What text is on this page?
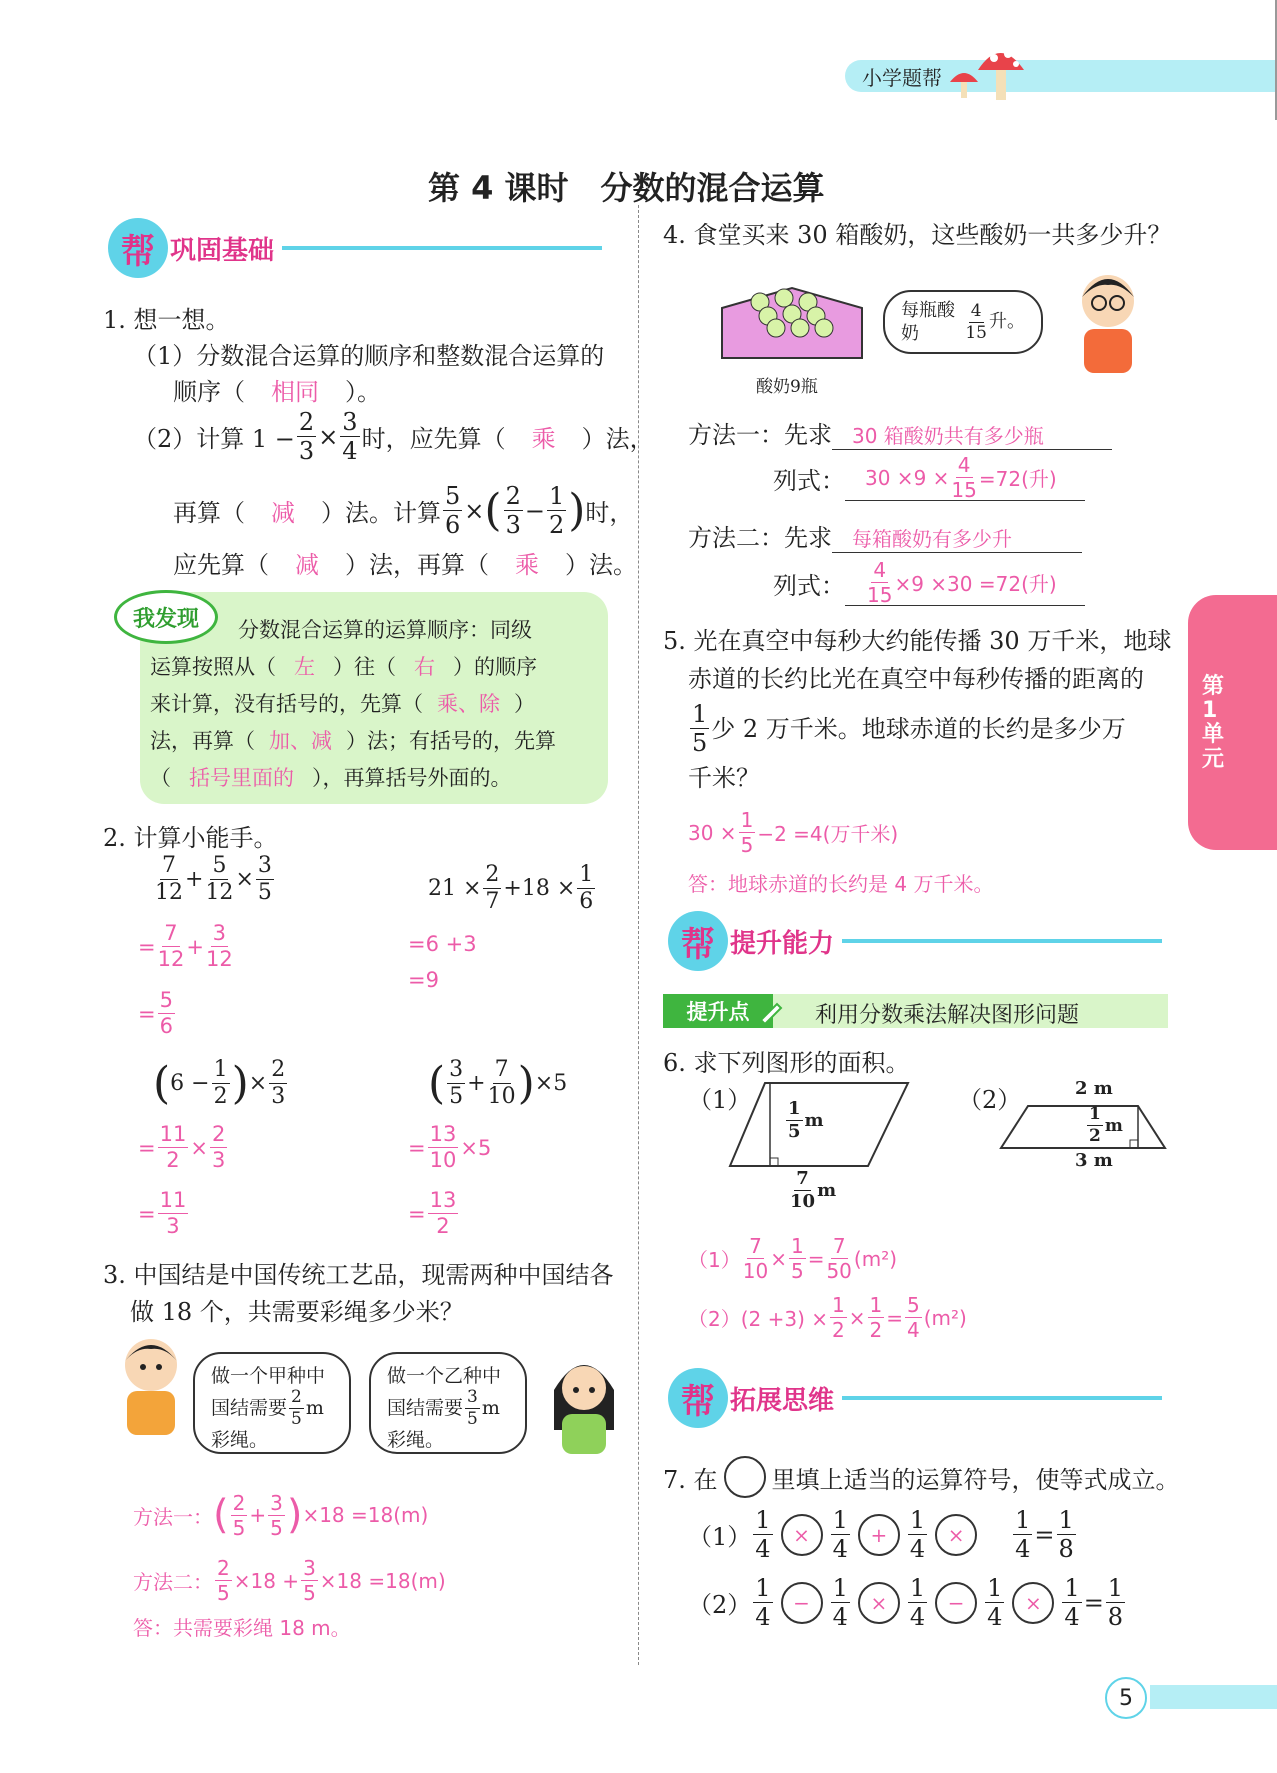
小学题帮
第 4 课时　分数的混合运算
第1单元
帮 巩固基础
1. 想一想。
（1）分数混合运算的顺序和整数混合运算的
顺序（ 相同 ）。
（2）计算 $1 - \frac{2}{3} \times \frac{3}{4}$ 时，应先算（ 乘 ）法，
再算（ 减 ）法。计算 $\frac{5}{6}$ × ( $\frac{2}{3} - \frac{1}{2}$ ) 时，
应先算（ 减 ）法，再算（ 乘 ）法。
我发现	分数混合运算的运算顺序：同级
运算按照从（ 左 ）往（ 右 ）的顺序
来计算，没有括号的，先算（ 乘、除 ）
法，再算（ 加、减 ）法；有括号的，先算
（ 括号里面的 ），再算括号外面的。
2. 计算小能手。
$\frac{7}{12} + \frac{5}{12} \times \frac{3}{5}$
= $\frac{7}{12} + \frac{3}{12}$
= $\frac{5}{6}$
$21 \times \frac{2}{7} +18 \times \frac{1}{6}$
=6 +3
=9
( $6 - \frac{1}{2}$ ) × $\frac{2}{3}$
= $\frac{11}{2} \times \frac{2}{3}$
= $\frac{11}{3}$
( $\frac{3}{5} + \frac{7}{10}$ ) ×5
= $\frac{13}{10} \times 5$
= $\frac{13}{2}$
3. 中国结是中国传统工艺品，现需两种中国结各
做 18 个，共需要彩绳多少米？
做一个甲种中
国结需要 $\frac{2}{5}$ m
彩绳。
做一个乙种中
国结需要 $\frac{3}{5}$ m
彩绳。
方法一： ( $\frac{2}{5} + \frac{3}{5}$ ) ×18 =18(m)
方法二： $\frac{2}{5} \times 18 + \frac{3}{5} \times 18 =18(m)$
答：共需要彩绳 18 m。
4. 食堂买来 30 箱酸奶，这些酸奶一共多少升？
酸奶9瓶
每瓶酸奶	$\frac{4}{15}$ 升。
方法一：先求 30 箱酸奶共有多少瓶
列式： $30 \times 9 \times \frac{4}{15} =72$(升)
方法二：先求 每箱酸奶有多少升
列式： $\frac{4}{15} \times 9 \times 30 =72$(升)
5. 光在真空中每秒大约能传播 30 万千米，地球
赤道的长约比光在真空中每秒传播的距离的
$\frac{1}{5}$ 少 2 万千米。地球赤道的长约是多少万
千米？
$30 \times \frac{1}{5} -2 =4$(万千米)
答：地球赤道的长约是 4 万千米。
帮 提升能力
提升点	利用分数乘法解决图形问题
6. 求下列图形的面积。
$(1) \frac{1}{5}$ m
$\frac{7}{10}$ m
（2）	2 m
$\frac{1}{2}$ m
3 m
$(1) \frac{7}{10} \times \frac{1}{5} = \frac{7}{50} (m^2)$
$(2)(2 +3) \times \frac{1}{2} \times \frac{1}{2} = \frac{5}{4} (m^2)$
帮 拓展思维
7. 在 里填上适当的运算符号，使等式成立。
$(1) \frac{1}{4}$	× $\frac{1}{4}$	+ $\frac{1}{4}$	×	$\frac{1}{4} = \frac{1}{8}$
$(2) \frac{1}{4}$	− $\frac{1}{4}$	× $\frac{1}{4}$	− $\frac{1}{4}$	× $\frac{1}{4} = \frac{1}{8}$
5
